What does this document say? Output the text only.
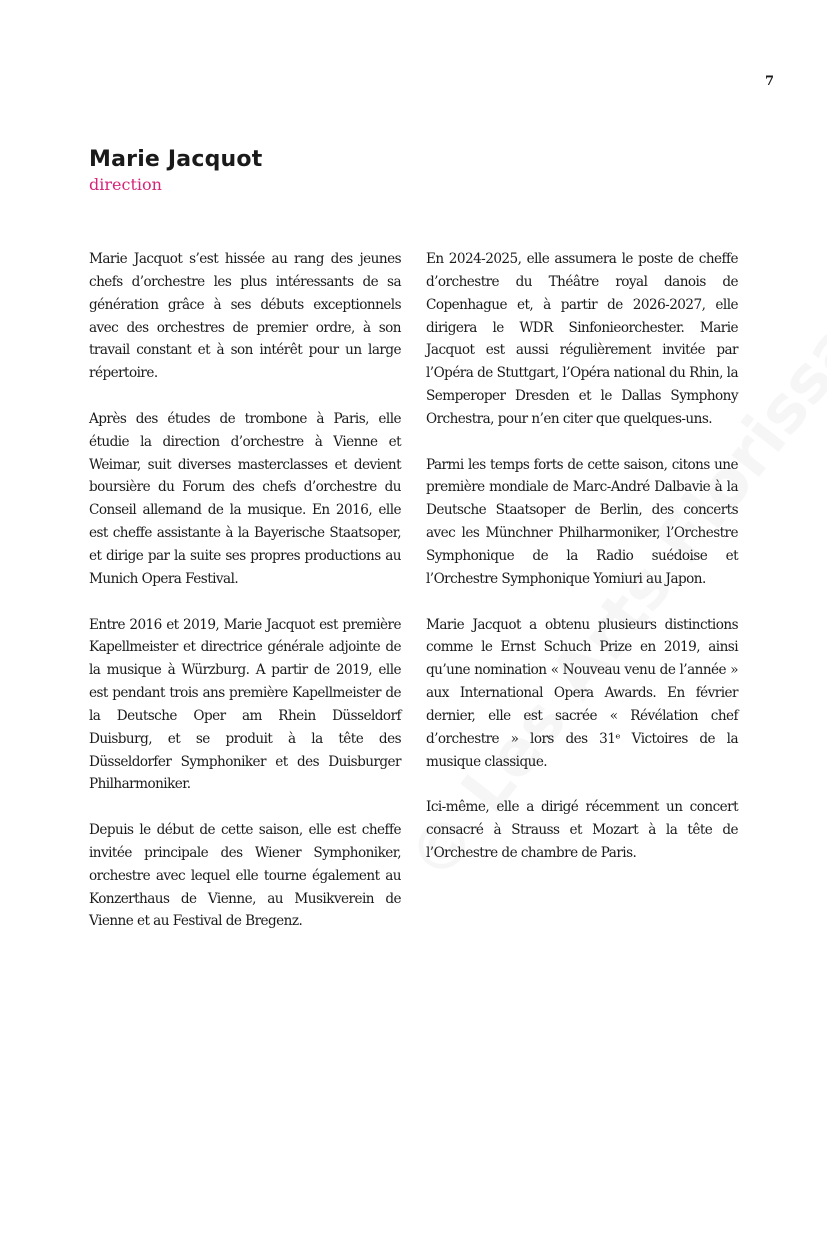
7
Marie Jacquot
direction

Marie Jacquot s’est hissée au rang des jeunes chefs d’orchestre les plus intéressants de sa génération grâce à ses débuts exceptionnels avec des orchestres de premier ordre, à son travail constant et à son intérêt pour un large répertoire.

Après des études de trombone à Paris, elle étudie la direction d’orchestre à Vienne et Weimar, suit diverses masterclasses et devient boursière du Forum des chefs d’orchestre du Conseil allemand de la musique. En 2016, elle est cheffe assistante à la Bayerische Staatsoper, et dirige par la suite ses propres productions au Munich Opera Festival.

Entre 2016 et 2019, Marie Jacquot est première Kapellmeister et directrice générale adjointe de la musique à Würzburg. A partir de 2019, elle est pendant trois ans première Kapellmeister de la Deutsche Oper am Rhein Düsseldorf Duisburg, et se produit à la tête des Düsseldorfer Symphoniker et des Duisburger Philharmoniker.

Depuis le début de cette saison, elle est cheffe invitée principale des Wiener Symphoniker, orchestre avec lequel elle tourne également au Konzerthaus de Vienne, au Musikverein de Vienne et au Festival de Bregenz.

En 2024-2025, elle assumera le poste de cheffe d’orchestre du Théâtre royal danois de Copenhague et, à partir de 2026-2027, elle dirigera le WDR Sinfonieorchester. Marie Jacquot est aussi régulièrement invitée par l’Opéra de Stuttgart, l’Opéra national du Rhin, la Semperoper Dresden et le Dallas Symphony Orchestra, pour n’en citer que quelques-uns.

Parmi les temps forts de cette saison, citons une première mondiale de Marc-André Dalbavie à la Deutsche Staatsoper de Berlin, des concerts avec les Münchner Philharmoniker, l’Orchestre Symphonique de la Radio suédoise et l’Orchestre Symphonique Yomiuri au Japon.

Marie Jacquot a obtenu plusieurs distinctions comme le Ernst Schuch Prize en 2019, ainsi qu’une nomination « Nouveau venu de l’année » aux International Opera Awards. En février dernier, elle est sacrée « Révélation chef d’orchestre » lors des 31ᵉ Victoires de la musique classique.

Ici-même, elle a dirigé récemment un concert consacré à Strauss et Mozart à la tête de l’Orchestre de chambre de Paris.
